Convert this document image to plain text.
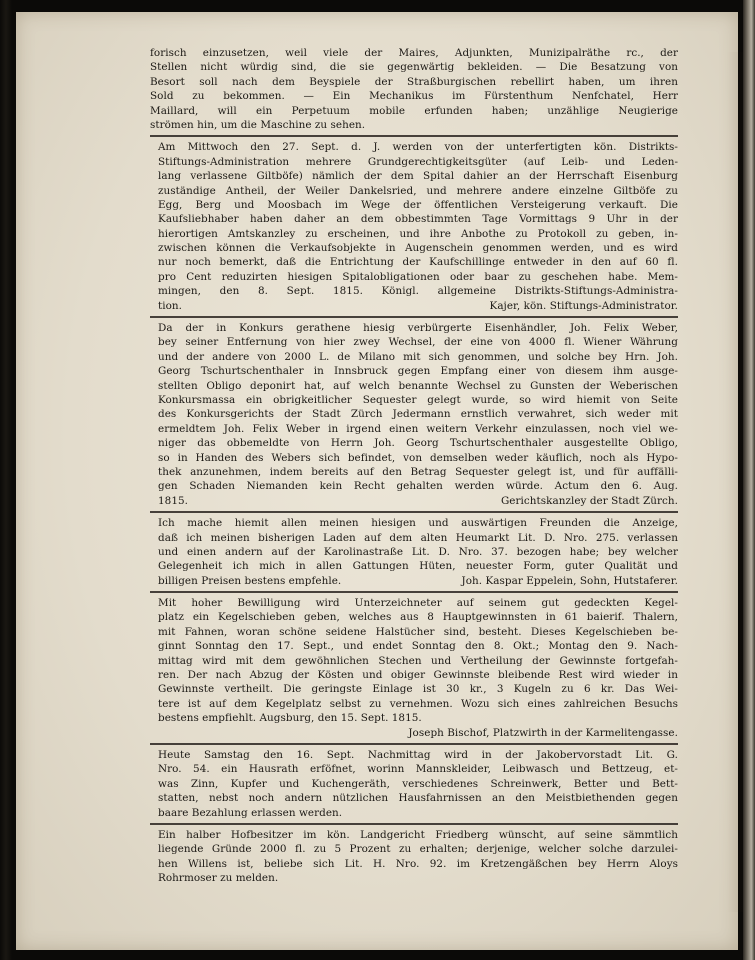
forisch einzusetzen, weil viele der Maires, Adjunkten, Munizipalräthe rc., der
Stellen nicht würdig sind, die sie gegenwärtig bekleiden. — Die Besatzung von
Besort soll nach dem Beyspiele der Straßburgischen rebellirt haben, um ihren
Sold zu bekommen. — Ein Mechanikus im Fürstenthum Nenfchatel, Herr
Maillard, will ein Perpetuum mobile erfunden haben; unzählige Neugierige
strömen hin, um die Maschine zu sehen.
Am Mittwoch den 27. Sept. d. J. werden von der unterfertigten kön. Distrikts-
Stiftungs-Administration mehrere Grundgerechtigkeitsgüter (auf Leib- und Leden-
lang verlassene Giltböfe) nämlich der dem Spital dahier an der Herrschaft Eisenburg
zuständige Antheil, der Weiler Dankelsried, und mehrere andere einzelne Giltböfe zu
Egg, Berg und Moosbach im Wege der öffentlichen Versteigerung verkauft. Die
Kaufsliebhaber haben daher an dem obbestimmten Tage Vormittags 9 Uhr in der
hierortigen Amtskanzley zu erscheinen, und ihre Anbothe zu Protokoll zu geben, in-
zwischen können die Verkaufsobjekte in Augenschein genommen werden, und es wird
nur noch bemerkt, daß die Entrichtung der Kaufschillinge entweder in den auf 60 fl.
pro Cent reduzirten hiesigen Spitalobligationen oder baar zu geschehen habe. Mem-
mingen, den 8. Sept. 1815. Königl. allgemeine Distrikts-Stiftungs-Administra-
tion.	Kajer, kön. Stiftungs-Administrator.
Da der in Konkurs gerathene hiesig verbürgerte Eisenhändler, Joh. Felix Weber,
bey seiner Entfernung von hier zwey Wechsel, der eine von 4000 fl. Wiener Währung
und der andere von 2000 L. de Milano mit sich genommen, und solche bey Hrn. Joh.
Georg Tschurtschenthaler in Innsbruck gegen Empfang einer von diesem ihm ausge-
stellten Obligo deponirt hat, auf welch benannte Wechsel zu Gunsten der Weberischen
Konkursmassa ein obrigkeitlicher Sequester gelegt wurde, so wird hiemit von Seite
des Konkursgerichts der Stadt Zürch Jedermann ernstlich verwahret, sich weder mit
ermeldtem Joh. Felix Weber in irgend einen weitern Verkehr einzulassen, noch viel we-
niger das obbemeldte von Herrn Joh. Georg Tschurtschenthaler ausgestellte Obligo,
so in Handen des Webers sich befindet, von demselben weder käuflich, noch als Hypo-
thek anzunehmen, indem bereits auf den Betrag Sequester gelegt ist, und für auffälli-
gen Schaden Niemanden kein Recht gehalten werden würde. Actum den 6. Aug.
1815.	Gerichtskanzley der Stadt Zürch.
Ich mache hiemit allen meinen hiesigen und auswärtigen Freunden die Anzeige,
daß ich meinen bisherigen Laden auf dem alten Heumarkt Lit. D. Nro. 275. verlassen
und einen andern auf der Karolinastraße Lit. D. Nro. 37. bezogen habe; bey welcher
Gelegenheit ich mich in allen Gattungen Hüten, neuester Form, guter Qualität und
billigen Preisen bestens empfehle.	Joh. Kaspar Eppelein, Sohn, Hutstaferer.
Mit hoher Bewilligung wird Unterzeichneter auf seinem gut gedeckten Kegel-
platz ein Kegelschieben geben, welches aus 8 Hauptgewinnsten in 61 baierif. Thalern,
mit Fahnen, woran schöne seidene Halstücher sind, besteht. Dieses Kegelschieben be-
ginnt Sonntag den 17. Sept., und endet Sonntag den 8. Okt.; Montag den 9. Nach-
mittag wird mit dem gewöhnlichen Stechen und Vertheilung der Gewinnste fortgefah-
ren. Der nach Abzug der Kösten und obiger Gewinnste bleibende Rest wird wieder in
Gewinnste vertheilt. Die geringste Einlage ist 30 kr., 3 Kugeln zu 6 kr. Das Wei-
tere ist auf dem Kegelplatz selbst zu vernehmen. Wozu sich eines zahlreichen Besuchs
bestens empfiehlt. Augsburg, den 15. Sept. 1815.
Joseph Bischof, Platzwirth in der Karmelitengasse.
Heute Samstag den 16. Sept. Nachmittag wird in der Jakobervorstadt Lit. G.
Nro. 54. ein Hausrath erföfnet, worinn Mannskleider, Leibwasch und Bettzeug, et-
was Zinn, Kupfer und Kuchengeräth, verschiedenes Schreinwerk, Better und Bett-
statten, nebst noch andern nützlichen Hausfahrnissen an den Meistbiethenden gegen
baare Bezahlung erlassen werden.
Ein halber Hofbesitzer im kön. Landgericht Friedberg wünscht, auf seine sämmtlich
liegende Gründe 2000 fl. zu 5 Prozent zu erhalten; derjenige, welcher solche darzulei-
hen Willens ist, beliebe sich Lit. H. Nro. 92. im Kretzengäßchen bey Herrn Aloys
Rohrmoser zu melden.
